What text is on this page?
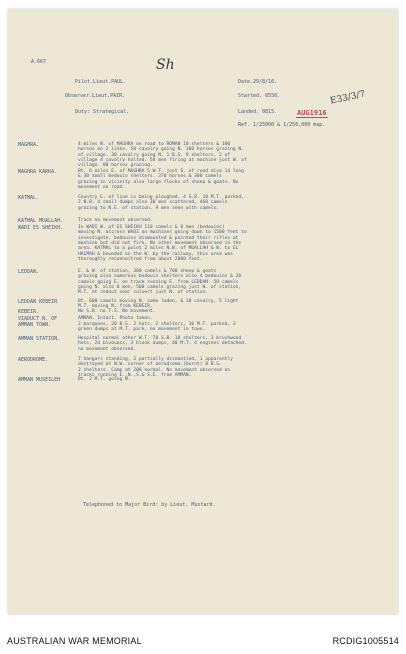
A.667
Pilot.Lieut.PAUL.
Observer.Lieut.PAIR.
Duty: Strategical.
Date.29/8/16.
Started. 0550.
Landed. 0815.
Ref. 1/25000 & 1/250,000 map.
Sh
E33/3/7
AUG1916
MAGHRA.	4 miles N. of MAGHRA on road to ROMAN 10 shelters & 100
horses on 2 lines. 50 cavalry going N. 100 horses grazing N.
of village. 30 cavalry going N. 1 B.S. 9 shelters, 2 of
village 4 cavalry halted. 50 men firing at machine just W. of
village. 80 horses grazing.
MAGHRA KARKA.	Bt. 6 miles E. of MAGHRA 5 W.T. just S. of road also 14 long
& 30 small bedouin shelters. 370 horses & 300 camels
grazing in vicinity also large flocks of sheep & goats. No
movement on road.
KATMAL.	Country E. of line is being ploughed, 4 S.B. 10 M.T. parked,
2 N.B. 4 small dumps also 30 men scattered, 460 camels
grazing to N.E. of station. 9 men seen with camels.
KATMAL MUALLAH.	Track no movement observed.
WADI ES SHEIKH.	In WADI W. of ES SHEIKH 110 camels & 8 men (bedouins)
moving N. accross WADI on machines going down to 1500 feet to
investigate, bedouins dismounted & pointed their rifles at
machine but did not fire. No other movement observed in the
area. KATMAL to a point 2 miles N.W. of MUALLAH & W. to EL
HALMAH & bounded on the W. by the railway, this area was
thoroughly reconnoitred from about 2000 feet.
LEDDAN.	E. & W. of station, 300 camels & 700 sheep & goats
grazing also numerous bedouin shelters also 4 bedouins & 20
camels going E. on track running E. from LEDDAN. 50 camels
going N. also 8 men, 500 camels grazing just W. of station,
M.T. at redout near culvert just N. of station.
LEDDAN KEBEIR	Bt. 600 camels moving N. some laden, & 10 cavalry, 5 light
M.T. moving N. from KEBEIR.
KEBEIR.	No S.B. no T.S. No movement.
VIADUCT N. OF	AMMAN. Intact. Photo taken.
AMMAN TOWN.	2 marquees, 20 B.S. 2 huts, 2 shelters, 10 M.T. parked, 3
green dumps at M.T. park, no movement in town.
AMMAN STATION.	Hospital normal other W.T. 70 S.B. 10 shelters, 3 brushwood
huts, 24 bivouacs, 3 block dumps, 40 M.T. 4 engines detached.
no movement observed.
AERODROME.	7 hangars standing, 2 partially dismantled, 1 apparently
destroyed at N.W. corner of aerodrome.(burnt) 8 B.S.
2 shelters. Camp at 208 normal. No movement observed on
tracks running E.,N.,S.& S.E. from AMMAN.
AMMAN MUSEILEH	Bt. 2 M.T. going N.
Telephoned to Major Bird: by Lieut. Mustard.
AUSTRALIAN WAR MEMORIAL	RCDIG1005514
